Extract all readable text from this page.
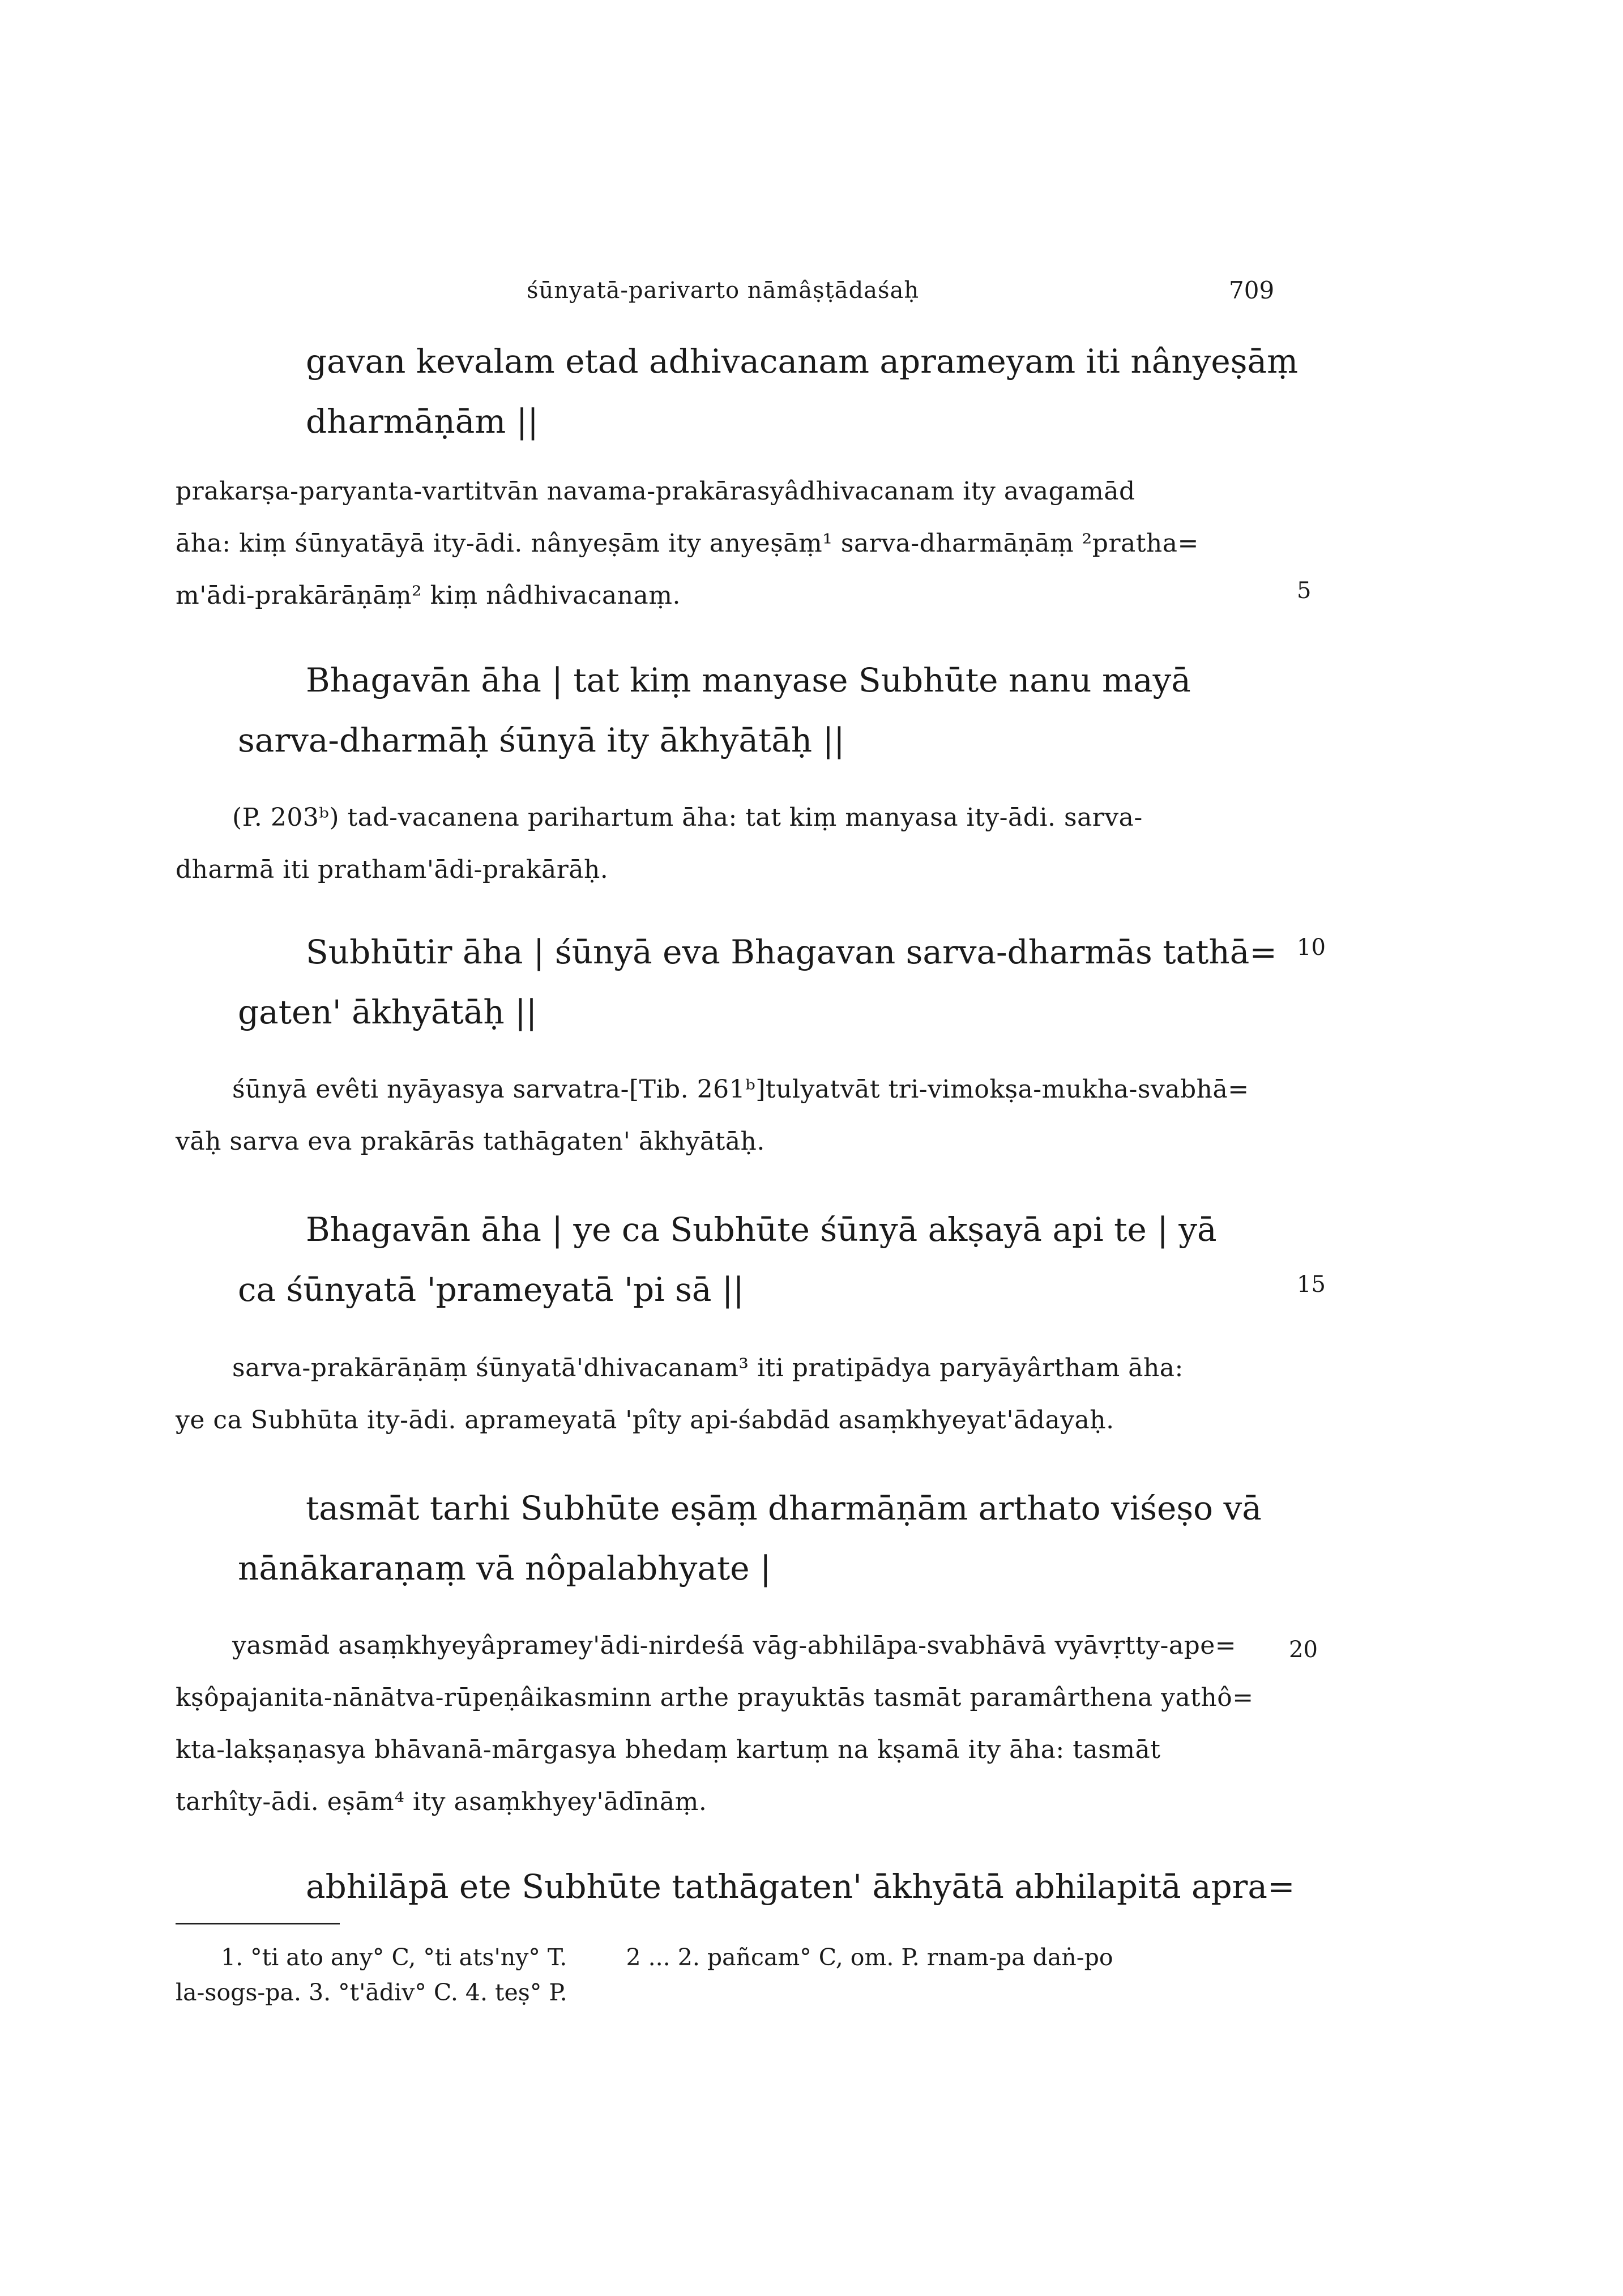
śūnyatā-parivarto nāmâṣṭādaśaḥ	709
gavan kevalam etad adhivacanam aprameyam iti nânyeṣāṃ
dharmāṇām ||
prakarṣa-paryanta-vartitvān navama-prakārasyâdhivacanam ity avagamād
āha: kiṃ śūnyatāyā ity-ādi. nânyeṣām ity anyeṣāṃ¹ sarva-dharmāṇāṃ ²pratha=
m'ādi-prakārāṇāṃ² kiṃ nâdhivacanaṃ.	5
Bhagavān āha | tat kiṃ manyase Subhūte nanu mayā
sarva-dharmāḥ śūnyā ity ākhyātāḥ ||
(P. 203ᵇ) tad-vacanena parihartum āha: tat kiṃ manyasa ity-ādi. sarva-
dharmā iti pratham'ādi-prakārāḥ.
Subhūtir āha | śūnyā eva Bhagavan sarva-dharmās tathā=
gaten' ākhyātāḥ ||
10
śūnyā evêti nyāyasya sarvatra-[Tib. 261ᵇ]tulyatvāt tri-vimokṣa-mukha-svabhā=
vāḥ sarva eva prakārās tathāgaten' ākhyātāḥ.
Bhagavān āha | ye ca Subhūte śūnyā akṣayā api te | yā
ca śūnyatā 'prameyatā 'pi sā ||	15
sarva-prakārāṇāṃ śūnyatā'dhivacanam³ iti pratipādya paryāyârtham āha:
ye ca Subhūta ity-ādi. aprameyatā 'pîty api-śabdād asaṃkhyeyat'ādayaḥ.
tasmāt tarhi Subhūte eṣāṃ dharmāṇām arthato viśeṣo vā
nānākaraṇaṃ vā nôpalabhyate |
yasmād asaṃkhyeyâpramey'ādi-nirdeśā vāg-abhilāpa-svabhāvā vyāvṛtty-ape=
kṣôpajanita-nānātva-rūpeṇâikasminn arthe prayuktās tasmāt paramârthena yathô=
kta-lakṣaṇasya bhāvanā-mārgasya bhedaṃ kartuṃ na kṣamā ity āha: tasmāt
tarhîty-ādi. eṣām⁴ ity asaṃkhyey'ādīnāṃ.
20
abhilāpā ete Subhūte tathāgaten' ākhyātā abhilapitā apra=
1. °ti ato any° C, °ti ats'ny° T.        2 ... 2. pañcam° C, om. P. rnam-pa daṅ-po
la-sogs-pa. 3. °t'ādiv° C. 4. teṣ° P.
